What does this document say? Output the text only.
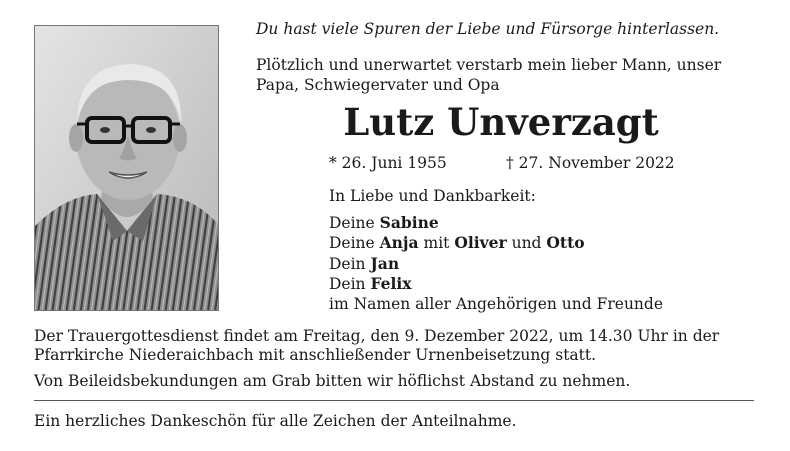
Du hast viele Spuren der Liebe und Fürsorge hinterlassen.
Plötzlich und unerwartet verstarb mein lieber Mann, unser
Papa, Schwiegervater und Opa
Lutz Unverzagt
* 26. Juni 1955	† 27. November 2022
In Liebe und Dankbarkeit:
Deine Sabine
Deine Anja mit Oliver und Otto
Dein Jan
Dein Felix
im Namen aller Angehörigen und Freunde
Der Trauergottesdienst findet am Freitag, den 9. Dezember 2022, um 14.30 Uhr in der
Pfarrkirche Niederaichbach mit anschließender Urnenbeisetzung statt.
Von Beileidsbekundungen am Grab bitten wir höflichst Abstand zu nehmen.
Ein herzliches Dankeschön für alle Zeichen der Anteilnahme.
